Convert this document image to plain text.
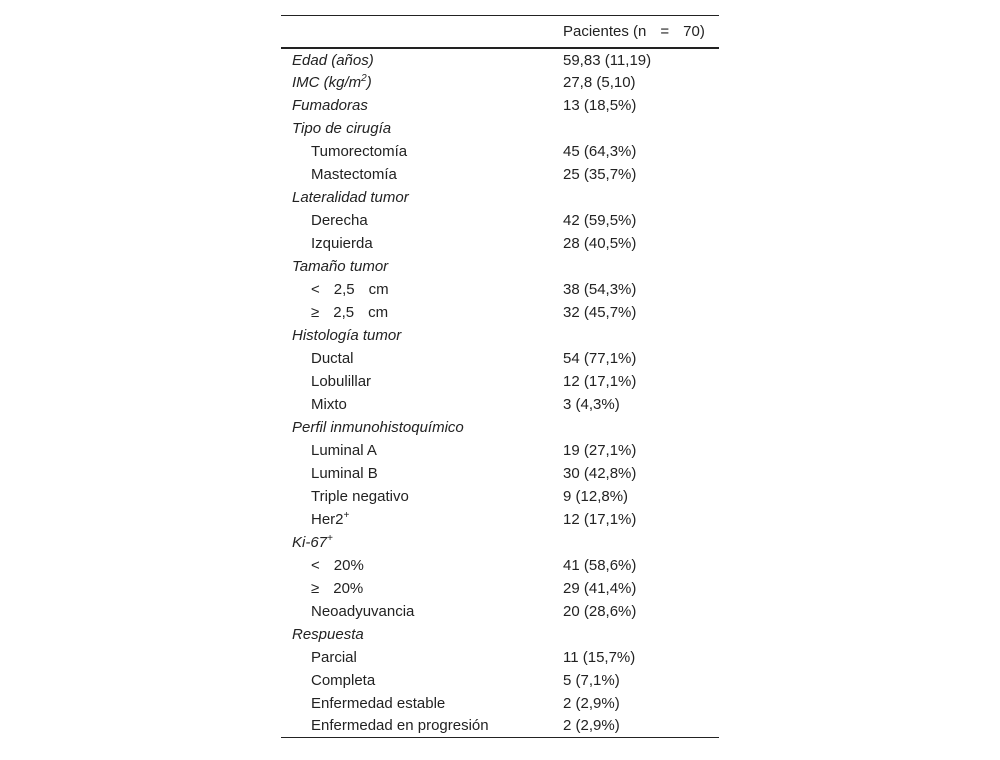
	Pacientes (n = 70)
Edad (años)	59,83 (11,19)
IMC $(kg/m^2)$	27,8 (5,10)
Fumadoras	13 (18,5%)
Tipo de cirugía	
Tumorectomía	45 (64,3%)
Mastectomía	25 (35,7%)
Lateralidad tumor	
Derecha	42 (59,5%)
Izquierda	28 (40,5%)
Tamaño tumor	
< 2,5 cm	38 (54,3%)
≥ 2,5 cm	32 (45,7%)
Histología tumor	
Ductal	54 (77,1%)
Lobulillar	12 (17,1%)
Mixto	3 (4,3%)
Perfil inmunohistoquímico	
Luminal A	19 (27,1%)
Luminal B	30 (42,8%)
Triple negativo	9 (12,8%)
Her2+	12 (17,1%)
Ki-67+	
< 20%	41 (58,6%)
≥ 20%	29 (41,4%)
Neoadyuvancia	20 (28,6%)
Respuesta	
Parcial	11 (15,7%)
Completa	5 (7,1%)
Enfermedad estable	2 (2,9%)
Enfermedad en progresión	2 (2,9%)
